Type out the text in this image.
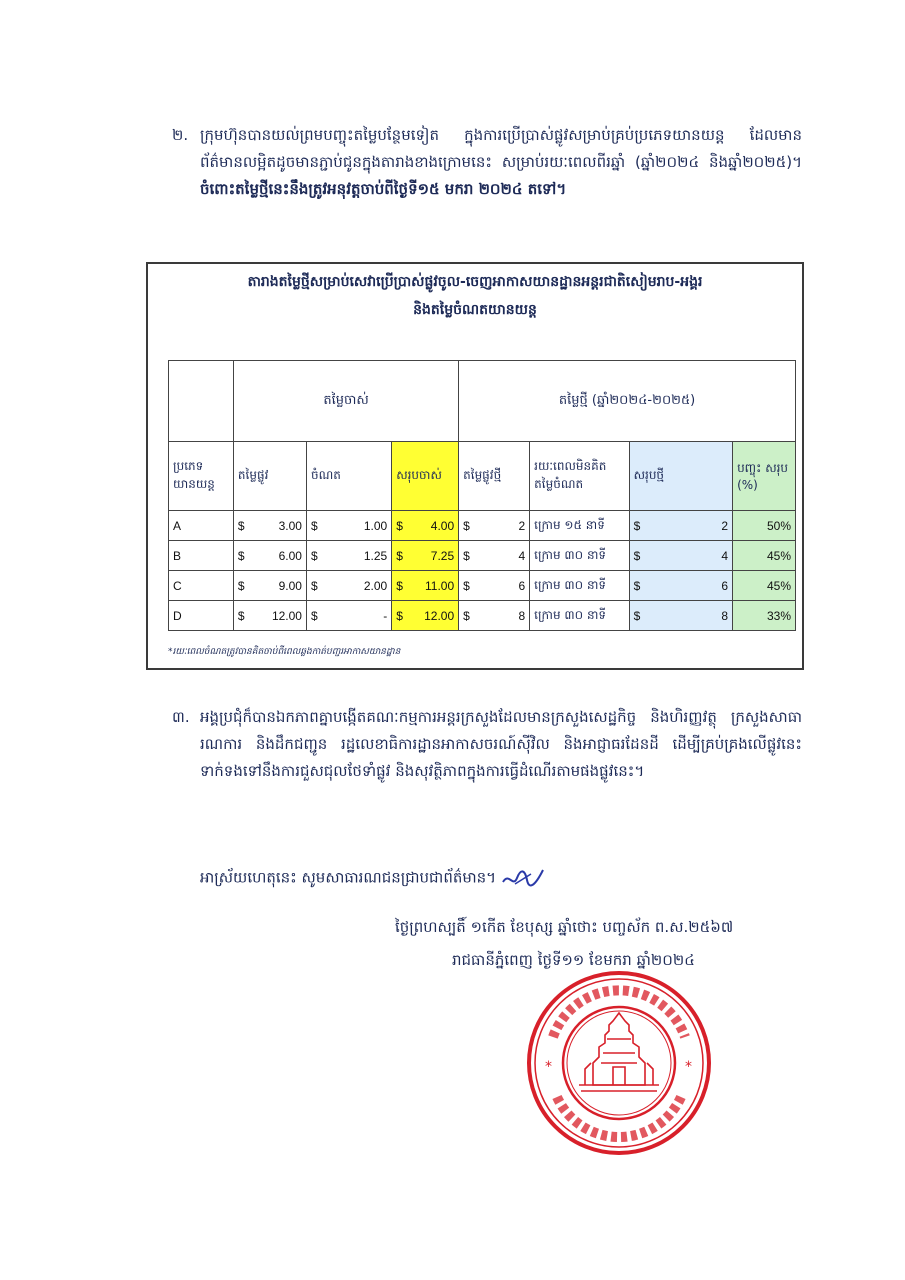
២. ក្រុមហ៊ុនបានយល់ព្រមបញ្ចុះតម្លៃបន្ថែមទៀត ក្នុងការប្រើប្រាស់ផ្លូវសម្រាប់គ្រប់ប្រភេទយានយន្ត ដែលមានព័ត៌មានលម្អិតដូចមានភ្ជាប់ជូនក្នុងតារាងខាងក្រោមនេះ សម្រាប់រយៈពេលពីរឆ្នាំ (ឆ្នាំ២០២៤ និងឆ្នាំ២០២៥)។ ចំពោះតម្លៃថ្មីនេះនឹងត្រូវអនុវត្តចាប់ពីថ្ងៃទី១៥ មករា ២០២៤ តទៅ។
តារាងតម្លៃថ្មីសម្រាប់សេវាប្រើប្រាស់ផ្លូវចូល-ចេញអាកាសយានដ្ឋានអន្តរជាតិសៀមរាប-អង្គរ
និងតម្លៃចំណតយានយន្ត
	តម្លៃចាស់			តម្លៃថ្មី (ឆ្នាំ២០២៤-២០២៥)			
ប្រភេទ យានយន្ត	តម្លៃផ្លូវ	ចំណត	សរុបចាស់	តម្លៃផ្លូវថ្មី	រយៈពេលមិនគិតតម្លៃចំណត	សរុបថ្មី	បញ្ចុះ សរុប (%)
A	$ 3.00	$ 1.00	$ 4.00	$ 2	ក្រោម ១៥ នាទី	$ 2	50%
B	$ 6.00	$ 1.25	$ 7.25	$ 4	ក្រោម ៣០ នាទី	$ 4	45%
C	$ 9.00	$ 2.00	$ 11.00	$ 6	ក្រោម ៣០ នាទី	$ 6	45%
D	$ 12.00	$ -	$ 12.00	$ 8	ក្រោម ៣០ នាទី	$ 8	33%
*រយៈពេលចំណតត្រូវបានគិតចាប់ពីពេលឆ្លងកាត់បញ្ជរអាកាសយានដ្ឋាន
៣. អង្គប្រជុំក៏បានឯកភាពគ្នាបង្កើតគណៈកម្មការអន្តរក្រសួងដែលមានក្រសួងសេដ្ឋកិច្ច និងហិរញ្ញវត្ថុ ក្រសួងសាធារណការ និងដឹកជញ្ជូន រដ្ឋលេខាធិការដ្ឋានអាកាសចរណ៍ស៊ីវិល និងអាជ្ញាធរដែនដី ដើម្បីគ្រប់គ្រងលើផ្លូវនេះទាក់ទងទៅនឹងការជួសជុលថែទាំផ្លូវ និងសុវត្ថិភាពក្នុងការធ្វើដំណើរតាមផងផ្លូវនេះ។
អាស្រ័យហេតុនេះ សូមសាធារណជនជ្រាបជាព័ត៌មាន។
ថ្ងៃព្រហស្បតិ៍ ១កើត ខែបុស្ស ឆ្នាំថោះ បញ្ចស័ក ព.ស.២៥៦៧
រាជធានីភ្នំពេញ ថ្ងៃទី១១ ខែមករា ឆ្នាំ២០២៤
*	*
